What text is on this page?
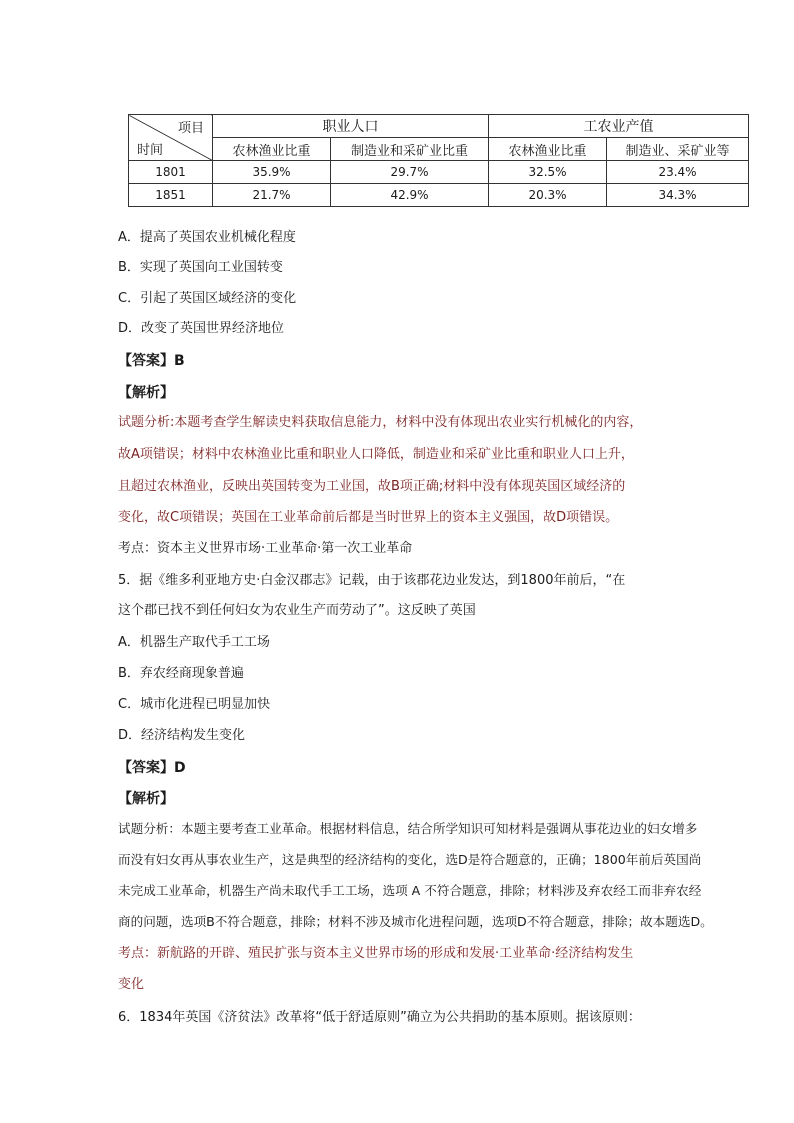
项目
时间	职业人口		工农业产值	
	农林渔业比重	制造业和采矿业比重	农林渔业比重	制造业、采矿业等
1801	35.9%	29.7%	32.5%	23.4%
1851	21.7%	42.9%	20.3%	34.3%

A．提高了英国农业机械化程度

B．实现了英国向工业国转变

C．引起了英国区域经济的变化

D．改变了英国世界经济地位

【答案】B

【解析】

试题分析:本题考查学生解读史料获取信息能力，材料中没有体现出农业实行机械化的内容，

故A项错误；材料中农林渔业比重和职业人口降低，制造业和采矿业比重和职业人口上升，

且超过农林渔业，反映出英国转变为工业国，故B项正确;材料中没有体现英国区域经济的

变化，故C项错误；英国在工业革命前后都是当时世界上的资本主义强国，故D项错误。

考点：资本主义世界市场·工业革命·第一次工业革命

5．据《维多利亚地方史·白金汉郡志》记载，由于该郡花边业发达，到1800年前后，“在

这个郡已找不到任何妇女为农业生产而劳动了”。这反映了英国

A．机器生产取代手工工场

B．弃农经商现象普遍

C．城市化进程已明显加快

D．经济结构发生变化

【答案】D

【解析】

试题分析：本题主要考查工业革命。根据材料信息，结合所学知识可知材料是强调从事花边业的妇女增多

而没有妇女再从事农业生产，这是典型的经济结构的变化，选D是符合题意的，正确；1800年前后英国尚

未完成工业革命，机器生产尚未取代手工工场，选项 A 不符合题意，排除；材料涉及弃农经工而非弃农经

商的问题，选项B不符合题意，排除；材料不涉及城市化进程问题，选项D不符合题意，排除；故本题选D。

考点：新航路的开辟、殖民扩张与资本主义世界市场的形成和发展·工业革命·经济结构发生

变化

6．1834年英国《济贫法》改革将“低于舒适原则”确立为公共捐助的基本原则。据该原则：
